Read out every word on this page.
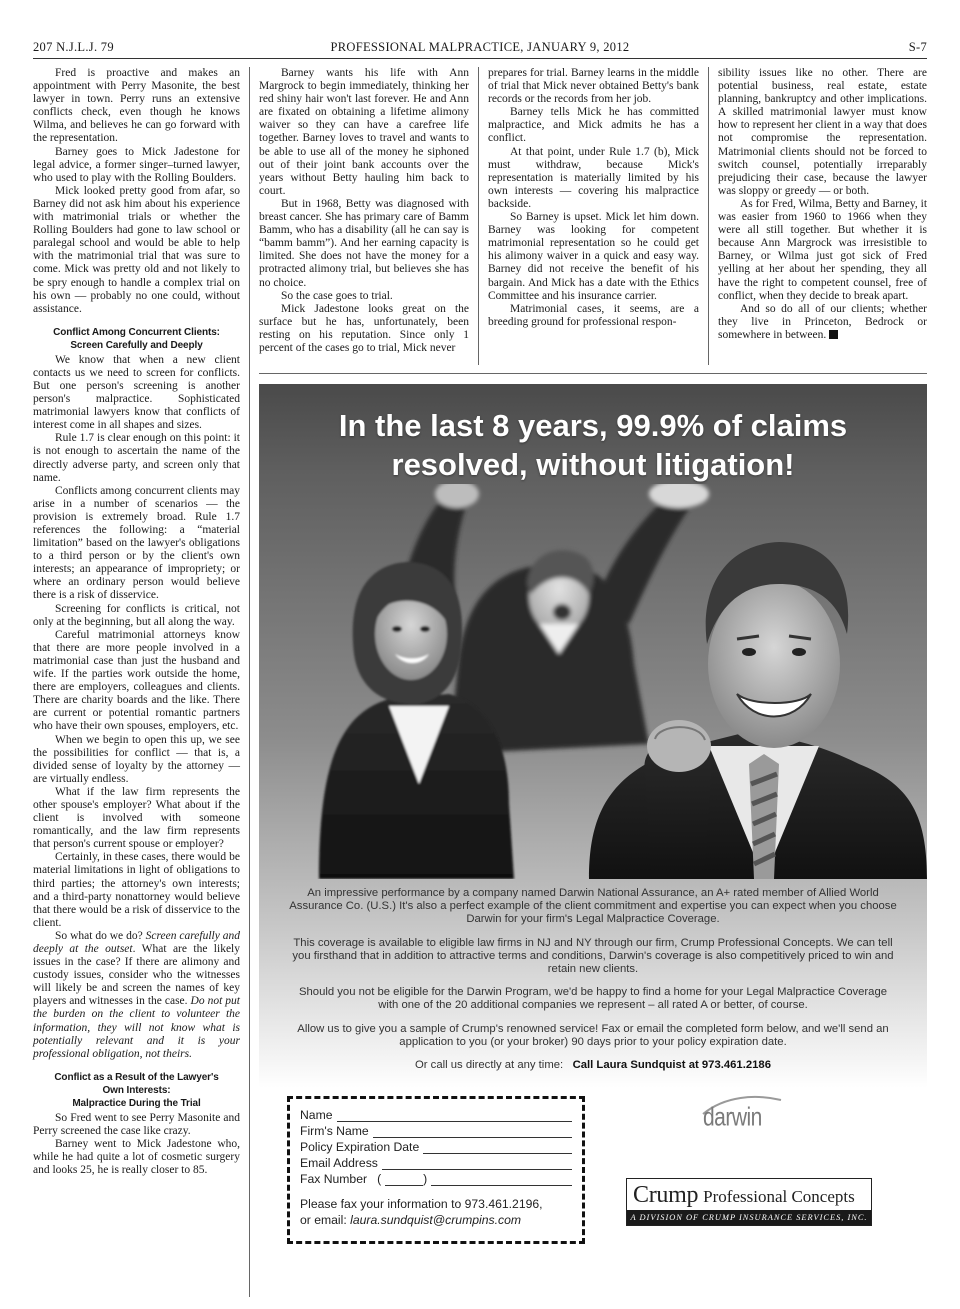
207 N.J.L.J. 79	PROFESSIONAL MALPRACTICE, JANUARY 9, 2012	S-7

Fred is proactive and makes an appointment with Perry Masonite, the best lawyer in town. Perry runs an extensive conflicts check, even though he knows Wilma, and believes he can go forward with the representation.

Barney goes to Mick Jadestone for legal advice, a former singer–turned lawyer, who used to play with the Rolling Boulders.

Mick looked pretty good from afar, so Barney did not ask him about his experience with matrimonial trials or whether the Rolling Boulders had gone to law school or paralegal school and would be able to help with the matrimonial trial that was sure to come. Mick was pretty old and not likely to be spry enough to handle a complex trial on his own — probably no one could, without assistance.

Conflict Among Concurrent Clients:
Screen Carefully and Deeply

We know that when a new client contacts us we need to screen for conflicts. But one person's screening is another person's malpractice. Sophisticated matrimonial lawyers know that conflicts of interest come in all shapes and sizes.

Rule 1.7 is clear enough on this point: it is not enough to ascertain the name of the directly adverse party, and screen only that name.

Conflicts among concurrent clients may arise in a number of scenarios — the provision is extremely broad. Rule 1.7 references the following: a “material limitation” based on the lawyer's obligations to a third person or by the client's own interests; an appearance of impropriety; or where an ordinary person would believe there is a risk of disservice.

Screening for conflicts is critical, not only at the beginning, but all along the way.

Careful matrimonial attorneys know that there are more people involved in a matrimonial case than just the husband and wife. If the parties work outside the home, there are employers, colleagues and clients. There are charity boards and the like. There are current or potential romantic partners who have their own spouses, employers, etc.

When we begin to open this up, we see the possibilities for conflict — that is, a divided sense of loyalty by the attorney — are virtually endless.

What if the law firm represents the other spouse's employer? What about if the client is involved with someone romantically, and the law firm represents that person's current spouse or employer?

Certainly, in these cases, there would be material limitations in light of obligations to third parties; the attorney's own interests; and a third-party nonattorney would believe that there would be a risk of disservice to the client.

So what do we do? Screen carefully and deeply at the outset. What are the likely issues in the case? If there are alimony and custody issues, consider who the witnesses will likely be and screen the names of key players and witnesses in the case. Do not put the burden on the client to volunteer the information, they will not know what is potentially relevant and it is your professional obligation, not theirs.

Conflict as a Result of the Lawyer's
Own Interests:
Malpractice During the Trial

So Fred went to see Perry Masonite and Perry screened the case like crazy.

Barney went to Mick Jadestone who, while he had quite a lot of cosmetic surgery and looks 25, he is really closer to 85.

Barney wants his life with Ann Margrock to begin immediately, thinking her red shiny hair won't last forever. He and Ann are fixated on obtaining a lifetime alimony waiver so they can have a carefree life together. Barney loves to travel and wants to be able to use all of the money he siphoned out of their joint bank accounts over the years without Betty hauling him back to court.

But in 1968, Betty was diagnosed with breast cancer. She has primary care of Bamm Bamm, who has a disability (all he can say is “bamm bamm”). And her earning capacity is limited. She does not have the money for a protracted alimony trial, but believes she has no choice.

So the case goes to trial.

Mick Jadestone looks great on the surface but he has, unfortunately, been resting on his reputation. Since only 1 percent of the cases go to trial, Mick never

prepares for trial. Barney learns in the middle of trial that Mick never obtained Betty's bank records or the records from her job.

Barney tells Mick he has committed malpractice, and Mick admits he has a conflict.

At that point, under Rule 1.7 (b), Mick must withdraw, because Mick's representation is materially limited by his own interests — covering his malpractice backside.

So Barney is upset. Mick let him down. Barney was looking for competent matrimonial representation so he could get his alimony waiver in a quick and easy way. Barney did not receive the benefit of his bargain. And Mick has a date with the Ethics Committee and his insurance carrier.

Matrimonial cases, it seems, are a breeding ground for professional respon-

sibility issues like no other. There are potential business, real estate, estate planning, bankruptcy and other implications. A skilled matrimonial lawyer must know how to represent her client in a way that does not compromise the representation. Matrimonial clients should not be forced to switch counsel, potentially irreparably prejudicing their case, because the lawyer was sloppy or greedy — or both.

As for Fred, Wilma, Betty and Barney, it was easier from 1960 to 1966 when they were all still together. But whether it is because Ann Margrock was irresistible to Barney, or Wilma just got sick of Fred yelling at her about her spending, they all have the right to competent counsel, free of conflict, when they decide to break apart.

And so do all of our clients; whether they live in Princeton, Bedrock or somewhere in between.

In the last 8 years, 99.9% of claims
resolved, without litigation!

An impressive performance by a company named Darwin National Assurance, an A+ rated member of Allied World Assurance Co. (U.S.) It's also a perfect example of the client commitment and expertise you can expect when you choose Darwin for your firm's Legal Malpractice Coverage.

This coverage is available to eligible law firms in NJ and NY through our firm, Crump Professional Concepts. We can tell you firsthand that in addition to attractive terms and conditions, Darwin's coverage is also competitively priced to win and retain new clients.

Should you not be eligible for the Darwin Program, we'd be happy to find a home for your Legal Malpractice Coverage with one of the 20 additional companies we represent – all rated A or better, of course.

Allow us to give you a sample of Crump's renowned service! Fax or email the completed form below, and we'll send an application to you (or your broker) 90 days prior to your policy expiration date.

Or call us directly at any time: Call Laura Sundquist at 973.461.2186

Name
Firm's Name
Policy Expiration Date
Email Address
Fax Number (	)
Please fax your information to 973.461.2196,
or email: laura.sundquist@crumpins.com
darwin
Crump Professional Concepts
A DIVISION OF CRUMP INSURANCE SERVICES, INC.
